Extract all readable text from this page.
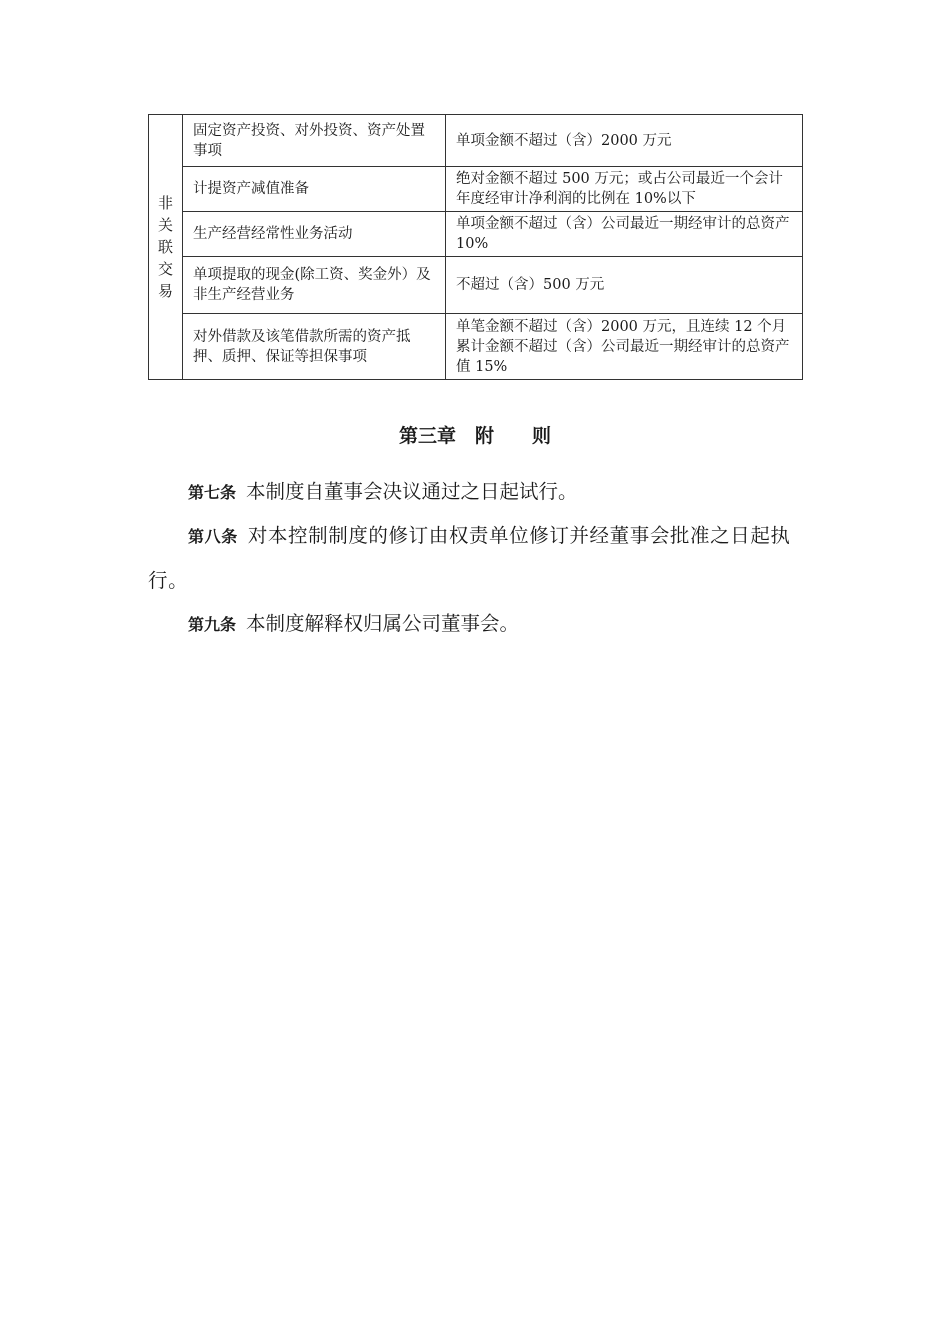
非关联交易	固定资产投资、对外投资、资产处置事项	单项金额不超过（含）2000 万元
	计提资产减值准备	绝对金额不超过 500 万元；或占公司最近一个会计年度经审计净利润的比例在 10%以下
	生产经营经常性业务活动	单项金额不超过（含）公司最近一期经审计的总资产 10%
	单项提取的现金(除工资、奖金外）及非生产经营业务	不超过（含）500 万元
	对外借款及该笔借款所需的资产抵押、质押、保证等担保事项	单笔金额不超过（含）2000 万元，且连续 12 个月累计金额不超过（含）公司最近一期经审计的总资产值 15%
第三章　附　　则

第七条 本制度自董事会决议通过之日起试行。

第八条 对本控制制度的修订由权责单位修订并经董事会批准之日起执行。

第九条 本制度解释权归属公司董事会。
